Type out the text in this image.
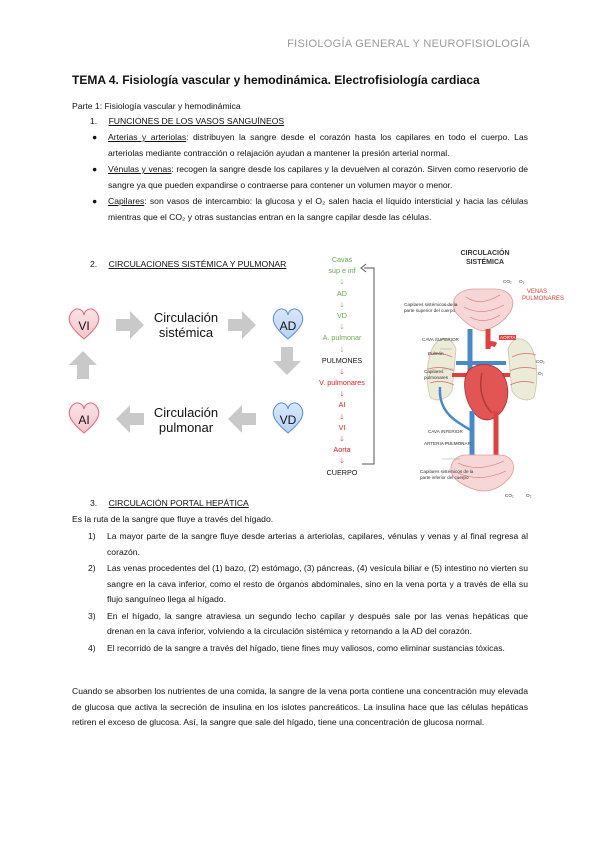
FISIOLOGÍA GENERAL Y NEUROFISIOLOGÍA
TEMA 4. Fisiología vascular y hemodinámica. Electrofisiología cardiaca
Parte 1: Fisiología vascular y hemodinámica
1. FUNCIONES DE LOS VASOS SANGUÍNEOS
● Arterias y arteriolas: distribuyen la sangre desde el corazón hasta los capilares en todo el cuerpo. Las arteriolas mediante contracción o relajación ayudan a mantener la presión arterial normal.
● Vénulas y venas: recogen la sangre desde los capilares y la devuelven al corazón. Sirven como reservorio de sangre ya que pueden expandirse o contraerse para contener un volumen mayor o menor.
● Capilares: son vasos de intercambio: la glucosa y el O₂ salen hacia el líquido intersticial y hacia las células mientras que el CO₂ y otras sustancias entran en la sangre capilar desde las células.
2. CIRCULACIONES SISTÉMICA Y PULMONAR
VI	AD
AI	VD
Circulación
sistémica
Circulación
pulmonar
Cavas
sup e inf
🡓
AD
🡓
VD
🡓
A. pulmonar
🡓
PULMONES
🡓
V. pulmonares
🡓
AI
🡓
VI
🡓
Aorta
🡓
CUERPO
CIRCULACIÓN
SISTÉMICA
CO₂ O₂
Capilares sistémicos de la parte superior del cuerpo
CAVA SUPERIOR
Pulmón
Capilares pulmonares
CAVA INFERIOR
ARTERIA PULMONAR
Capilares sistémicos de la parte inferior del cuerpo
AORTA
VENAS
PULMONARES
CO₂
O₂
CO₂	O₂
3. CIRCULACIÓN PORTAL HEPÁTICA
Es la ruta de la sangre que fluye a través del hígado.
1) La mayor parte de la sangre fluye desde arterias a arteriolas, capilares, vénulas y venas y al final regresa al corazón.
2) Las venas procedentes del (1) bazo, (2) estómago, (3) páncreas, (4) vesícula biliar e (5) intestino no vierten su sangre en la cava inferior, como el resto de órganos abdominales, sino en la vena porta y a través de ella su flujo sanguíneo llega al hígado.
3) En el hígado, la sangre atraviesa un segundo lecho capilar y después sale por las venas hepáticas que drenan en la cava inferior, volviendo a la circulación sistémica y retornando a la AD del corazón.
4) El recorrido de la sangre a través del hígado, tiene fines muy valiosos, como eliminar sustancias tóxicas.
Cuando se absorben los nutrientes de una comida, la sangre de la vena porta contiene una concentración muy elevada de glucosa que activa la secreción de insulina en los islotes pancreáticos. La insulina hace que las células hepáticas retiren el exceso de glucosa. Así, la sangre que sale del hígado, tiene una concentración de glucosa normal.
